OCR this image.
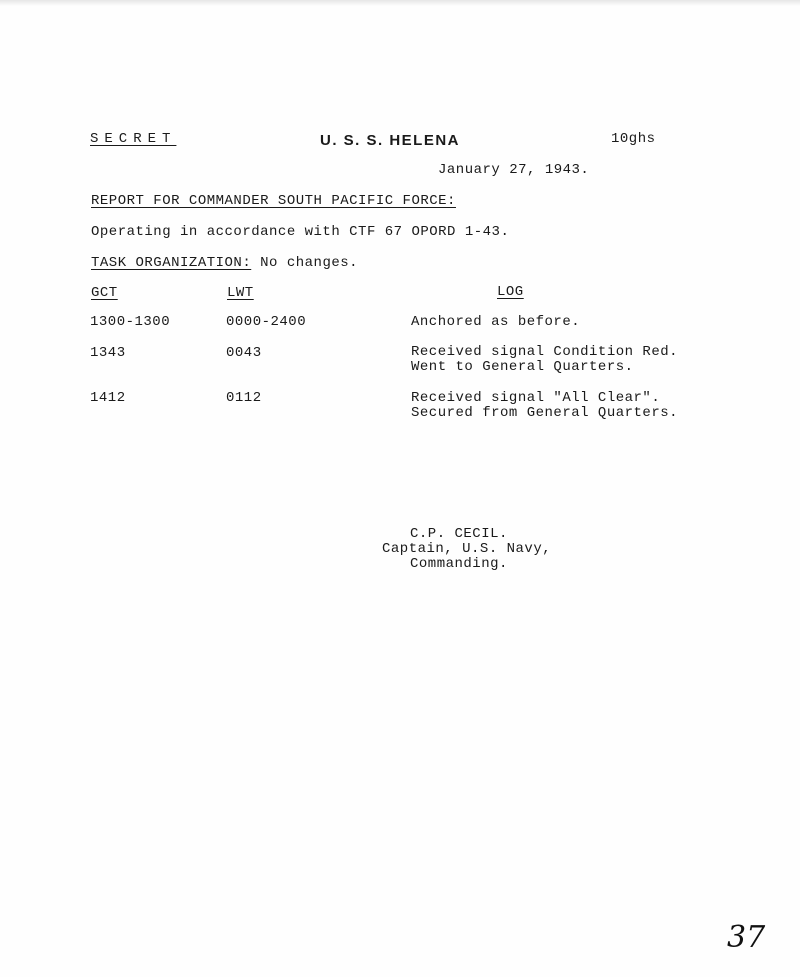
SECRET	U. S. S. HELENA	10ghs
January 27, 1943.
REPORT FOR COMMANDER SOUTH PACIFIC FORCE:
Operating in accordance with CTF 67 OPORD 1-43.
TASK ORGANIZATION: No changes.
GCT	LWT	LOG
1300-1300	0000-2400	Anchored as before.
1343	0043	Received signal Condition Red.
Went to General Quarters.
1412	0112	Received signal "All Clear".
Secured from General Quarters.
C.P. CECIL.
Captain, U.S. Navy,
Commanding.
37
